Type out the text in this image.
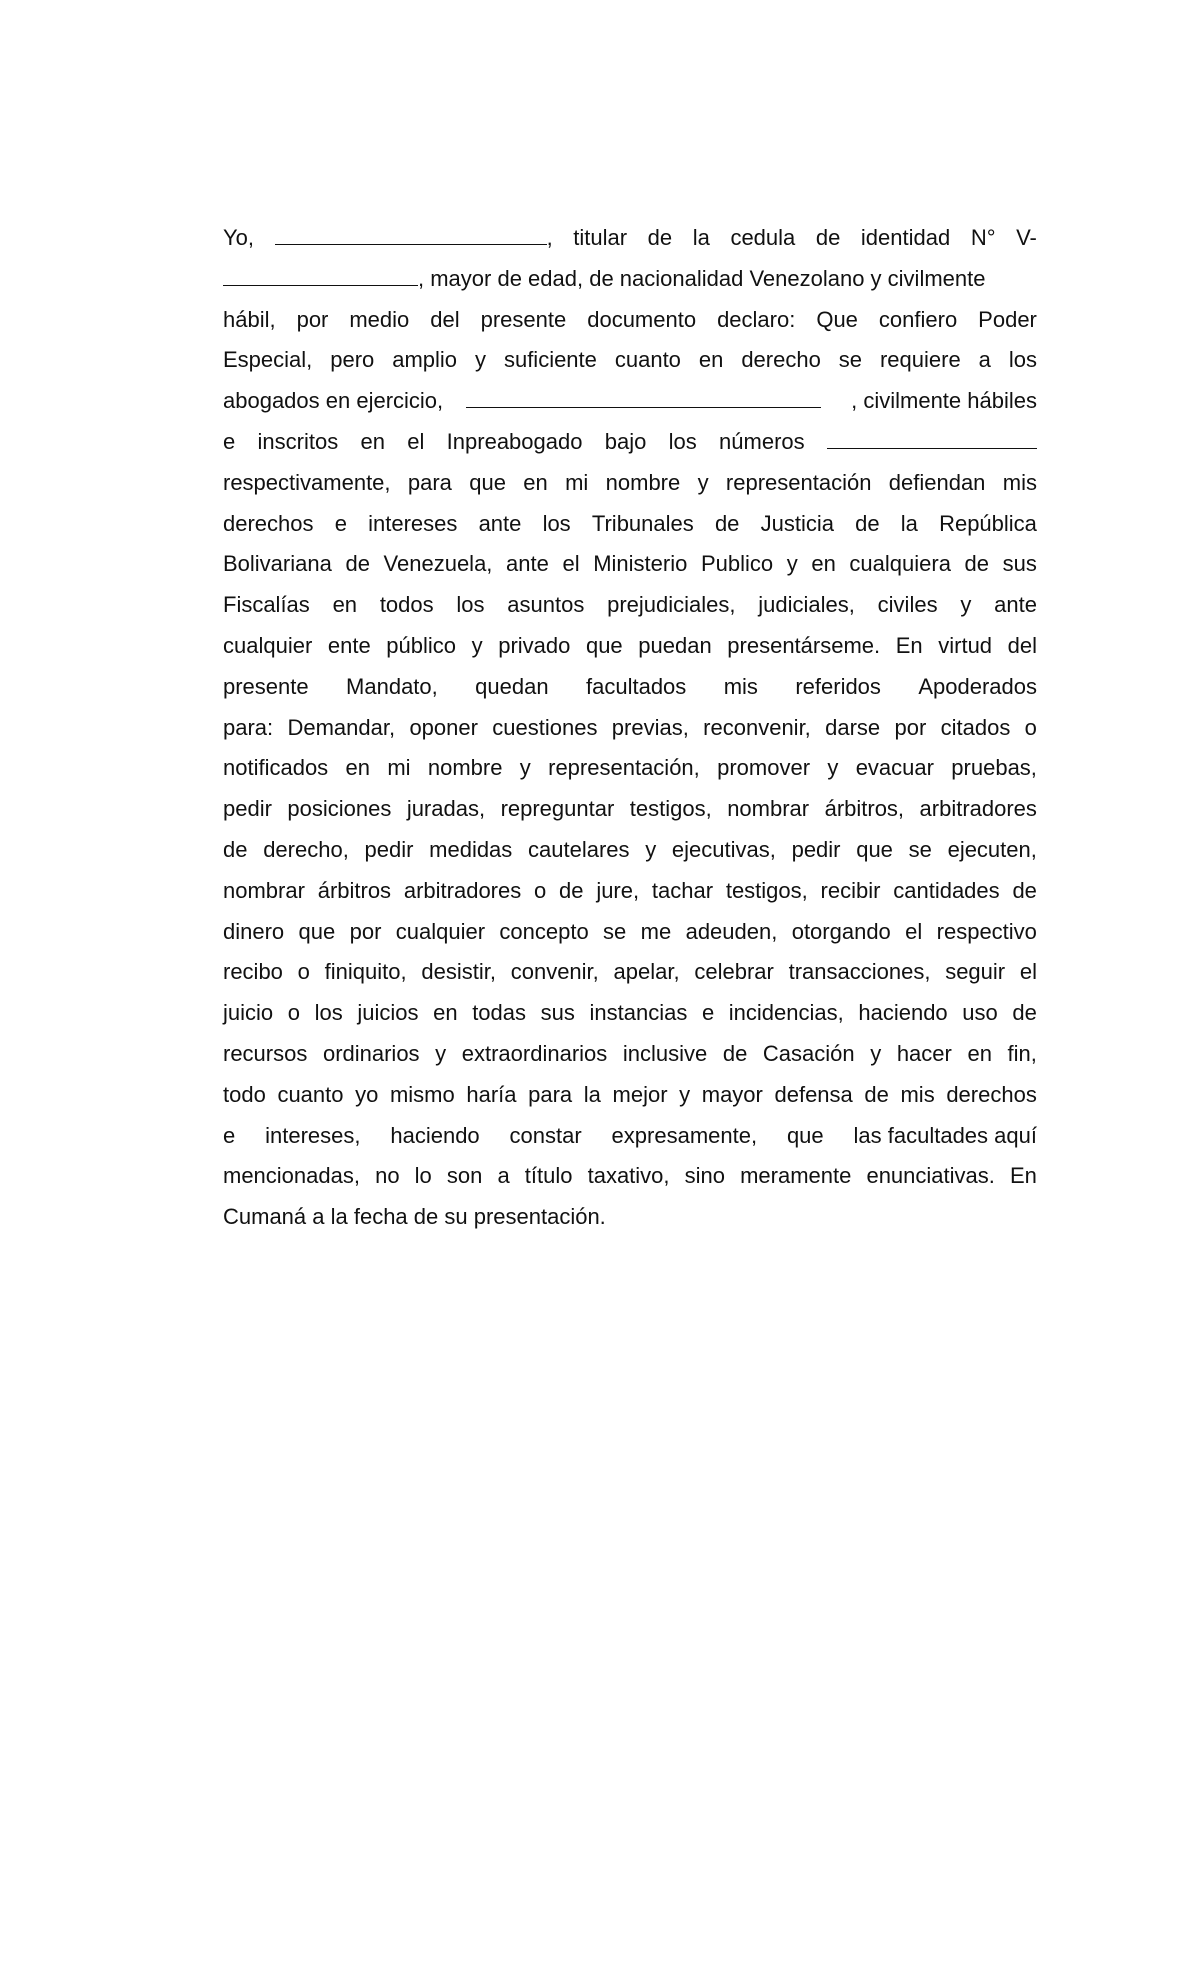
Yo,	, titular de la cedula de identidad N° V-
, mayor de edad, de nacionalidad Venezolano y civilmente
hábil, por medio del presente documento declaro: Que confiero Poder
Especial, pero amplio y suficiente cuanto en derecho se requiere a los
abogados en ejercicio,	, civilmente hábiles
e inscritos en el Inpreabogado bajo los números
respectivamente, para que en mi nombre y representación defiendan mis
derechos e intereses ante los Tribunales de Justicia de la República
Bolivariana de Venezuela, ante el Ministerio Publico y en cualquiera de sus
Fiscalías en todos los asuntos prejudiciales, judiciales, civiles y ante
cualquier ente público y privado que puedan presentárseme. En virtud del
presente Mandato, quedan facultados mis referidos Apoderados
para: Demandar, oponer cuestiones previas, reconvenir, darse por citados o
notificados en mi nombre y representación, promover y evacuar pruebas,
pedir posiciones juradas, repreguntar testigos, nombrar árbitros, arbitradores
de derecho, pedir medidas cautelares y ejecutivas, pedir que se ejecuten,
nombrar árbitros arbitradores o de jure, tachar testigos, recibir cantidades de
dinero que por cualquier concepto se me adeuden, otorgando el respectivo
recibo o finiquito, desistir, convenir, apelar, celebrar transacciones, seguir el
juicio o los juicios en todas sus instancias e incidencias, haciendo uso de
recursos ordinarios y extraordinarios inclusive de Casación y hacer en fin,
todo cuanto yo mismo haría para la mejor y mayor defensa de mis derechos
e intereses, haciendo constar expresamente, que las facultades aquí
mencionadas, no lo son a título taxativo, sino meramente enunciativas. En
Cumaná a la fecha de su presentación.
